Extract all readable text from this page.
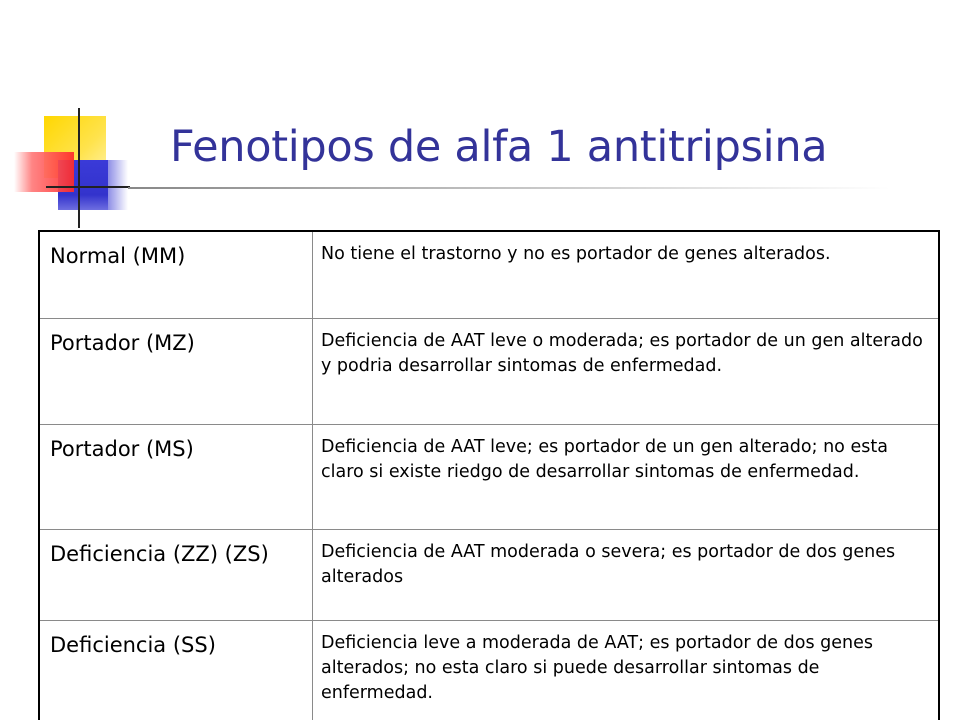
Fenotipos de alfa 1 antitripsina
Normal (MM)	No tiene el trastorno y no es portador de genes alterados.
Portador (MZ)	Deficiencia de AAT leve o moderada; es portador de un gen alterado y podria desarrollar sintomas de enfermedad.
Portador (MS)	Deficiencia de AAT leve; es portador de un gen alterado; no esta claro si existe riedgo de desarrollar sintomas de enfermedad.
Deficiencia (ZZ) (ZS)	Deficiencia de AAT moderada o severa; es portador de dos genes alterados
Deficiencia (SS)	Deficiencia leve a moderada de AAT; es portador de dos genes alterados; no esta claro si puede desarrollar sintomas de enfermedad.
